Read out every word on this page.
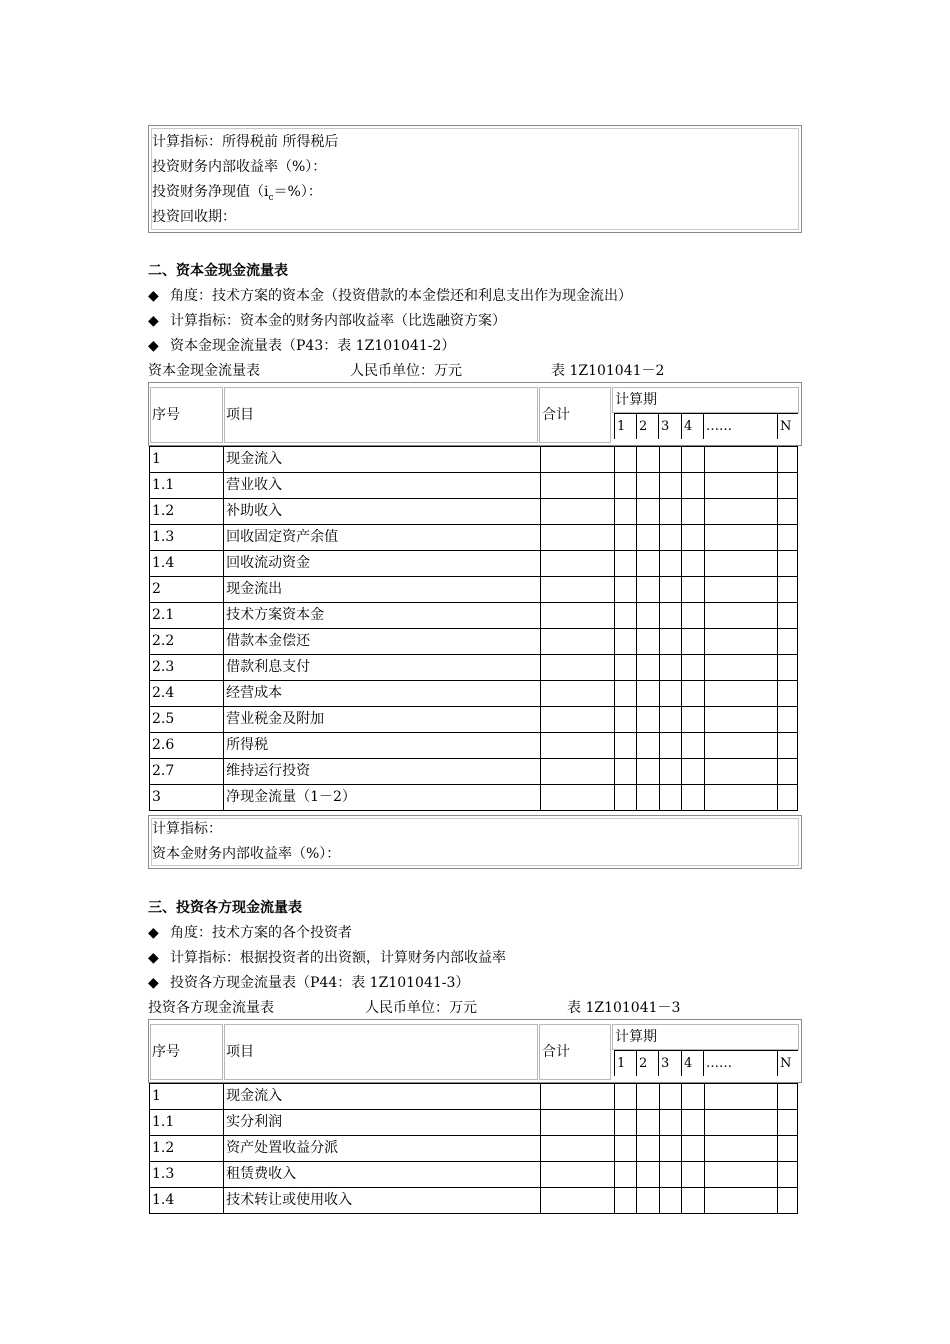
计算指标：所得税前 所得税后
投资财务内部收益率（%）：
投资财务净现值$(i_c=\%)$：
投资回收期：
二、资本金现金流量表
◆ 角度：技术方案的资本金（投资借款的本金偿还和利息支出作为现金流出）
◆ 计算指标：资本金的财务内部收益率（比选融资方案）
◆ 资本金现金流量表（P43：表 1Z101041-2）
资本金现金流量表	人民币单位：万元	表 1Z101041－2
序号	项目	合计
计算期
1	2	3	4	……	N
1	现金流入							
1.1	营业收入							
1.2	补助收入							
1.3	回收固定资产余值							
1.4	回收流动资金							
2	现金流出							
2.1	技术方案资本金							
2.2	借款本金偿还							
2.3	借款利息支付							
2.4	经营成本							
2.5	营业税金及附加							
2.6	所得税							
2.7	维持运行投资							
3	净现金流量（1－2）							
计算指标：
资本金财务内部收益率（%）：
三、投资各方现金流量表
◆ 角度：技术方案的各个投资者
◆ 计算指标：根据投资者的出资额，计算财务内部收益率
◆ 投资各方现金流量表（P44：表 1Z101041-3）
投资各方现金流量表	人民币单位：万元	表 1Z101041－3
序号	项目	合计
计算期
1	2	3	4	……	N
1	现金流入							
1.1	实分利润							
1.2	资产处置收益分派							
1.3	租赁费收入							
1.4	技术转让或使用收入							
